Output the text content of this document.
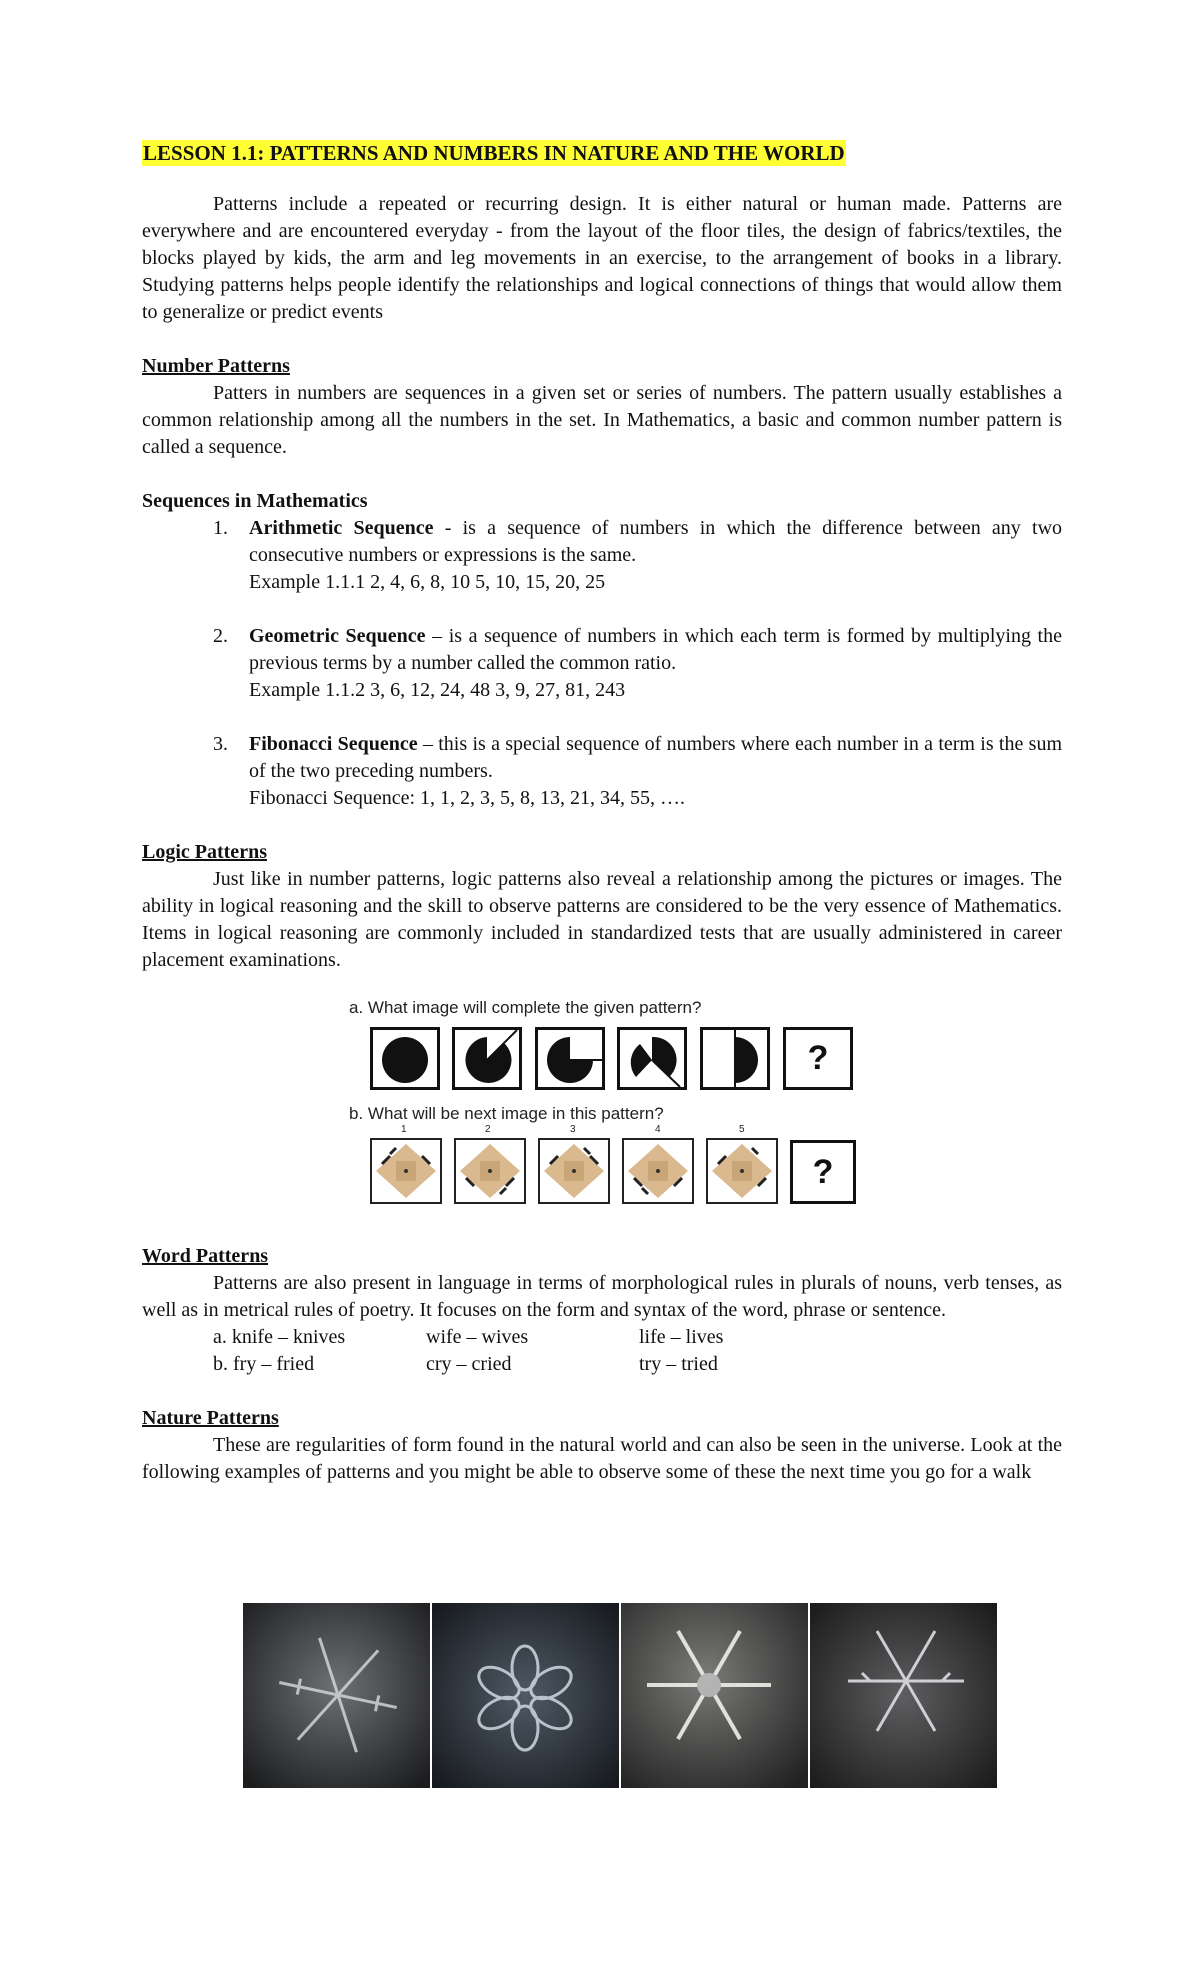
LESSON 1.1: PATTERNS AND NUMBERS IN NATURE AND THE WORLD

Patterns include a repeated or recurring design. It is either natural or human made. Patterns are everywhere and are encountered everyday - from the layout of the floor tiles, the design of fabrics/textiles, the blocks played by kids, the arm and leg movements in an exercise, to the arrangement of books in a library. Studying patterns helps people identify the relationships and logical connections of things that would allow them to generalize or predict events

Number Patterns

Patters in numbers are sequences in a given set or series of numbers. The pattern usually establishes a common relationship among all the numbers in the set. In Mathematics, a basic and common number pattern is called a sequence.

Sequences in Mathematics
1.	Arithmetic Sequence - is a sequence of numbers in which the difference between any two consecutive numbers or expressions is the same.
Example 1.1.1 2, 4, 6, 8, 10 5, 10, 15, 20, 25
2.	Geometric Sequence – is a sequence of numbers in which each term is formed by multiplying the previous terms by a number called the common ratio.
Example 1.1.2 3, 6, 12, 24, 48 3, 9, 27, 81, 243
3.	Fibonacci Sequence – this is a special sequence of numbers where each number in a term is the sum of the two preceding numbers.
Fibonacci Sequence: 1, 1, 2, 3, 5, 8, 13, 21, 34, 55, ….
Logic Patterns

Just like in number patterns, logic patterns also reveal a relationship among the pictures or images. The ability in logical reasoning and the skill to observe patterns are considered to be the very essence of Mathematics. Items in logical reasoning are commonly included in standardized tests that are usually administered in career placement examinations.

a. What image will complete the given pattern?
?
b. What will be next image in this pattern?
1	2	3	4	5
?
Word Patterns

Patterns are also present in language in terms of morphological rules in plurals of nouns, verb tenses, as well as in metrical rules of poetry. It focuses on the form and syntax of the word, phrase or sentence.

a. knife – knives	wife – wives	life – lives
b. fry – fried	cry – cried	try – tried
Nature Patterns

These are regularities of form found in the natural world and can also be seen in the universe. Look at the following examples of patterns and you might be able to observe some of these the next time you go for a walk
